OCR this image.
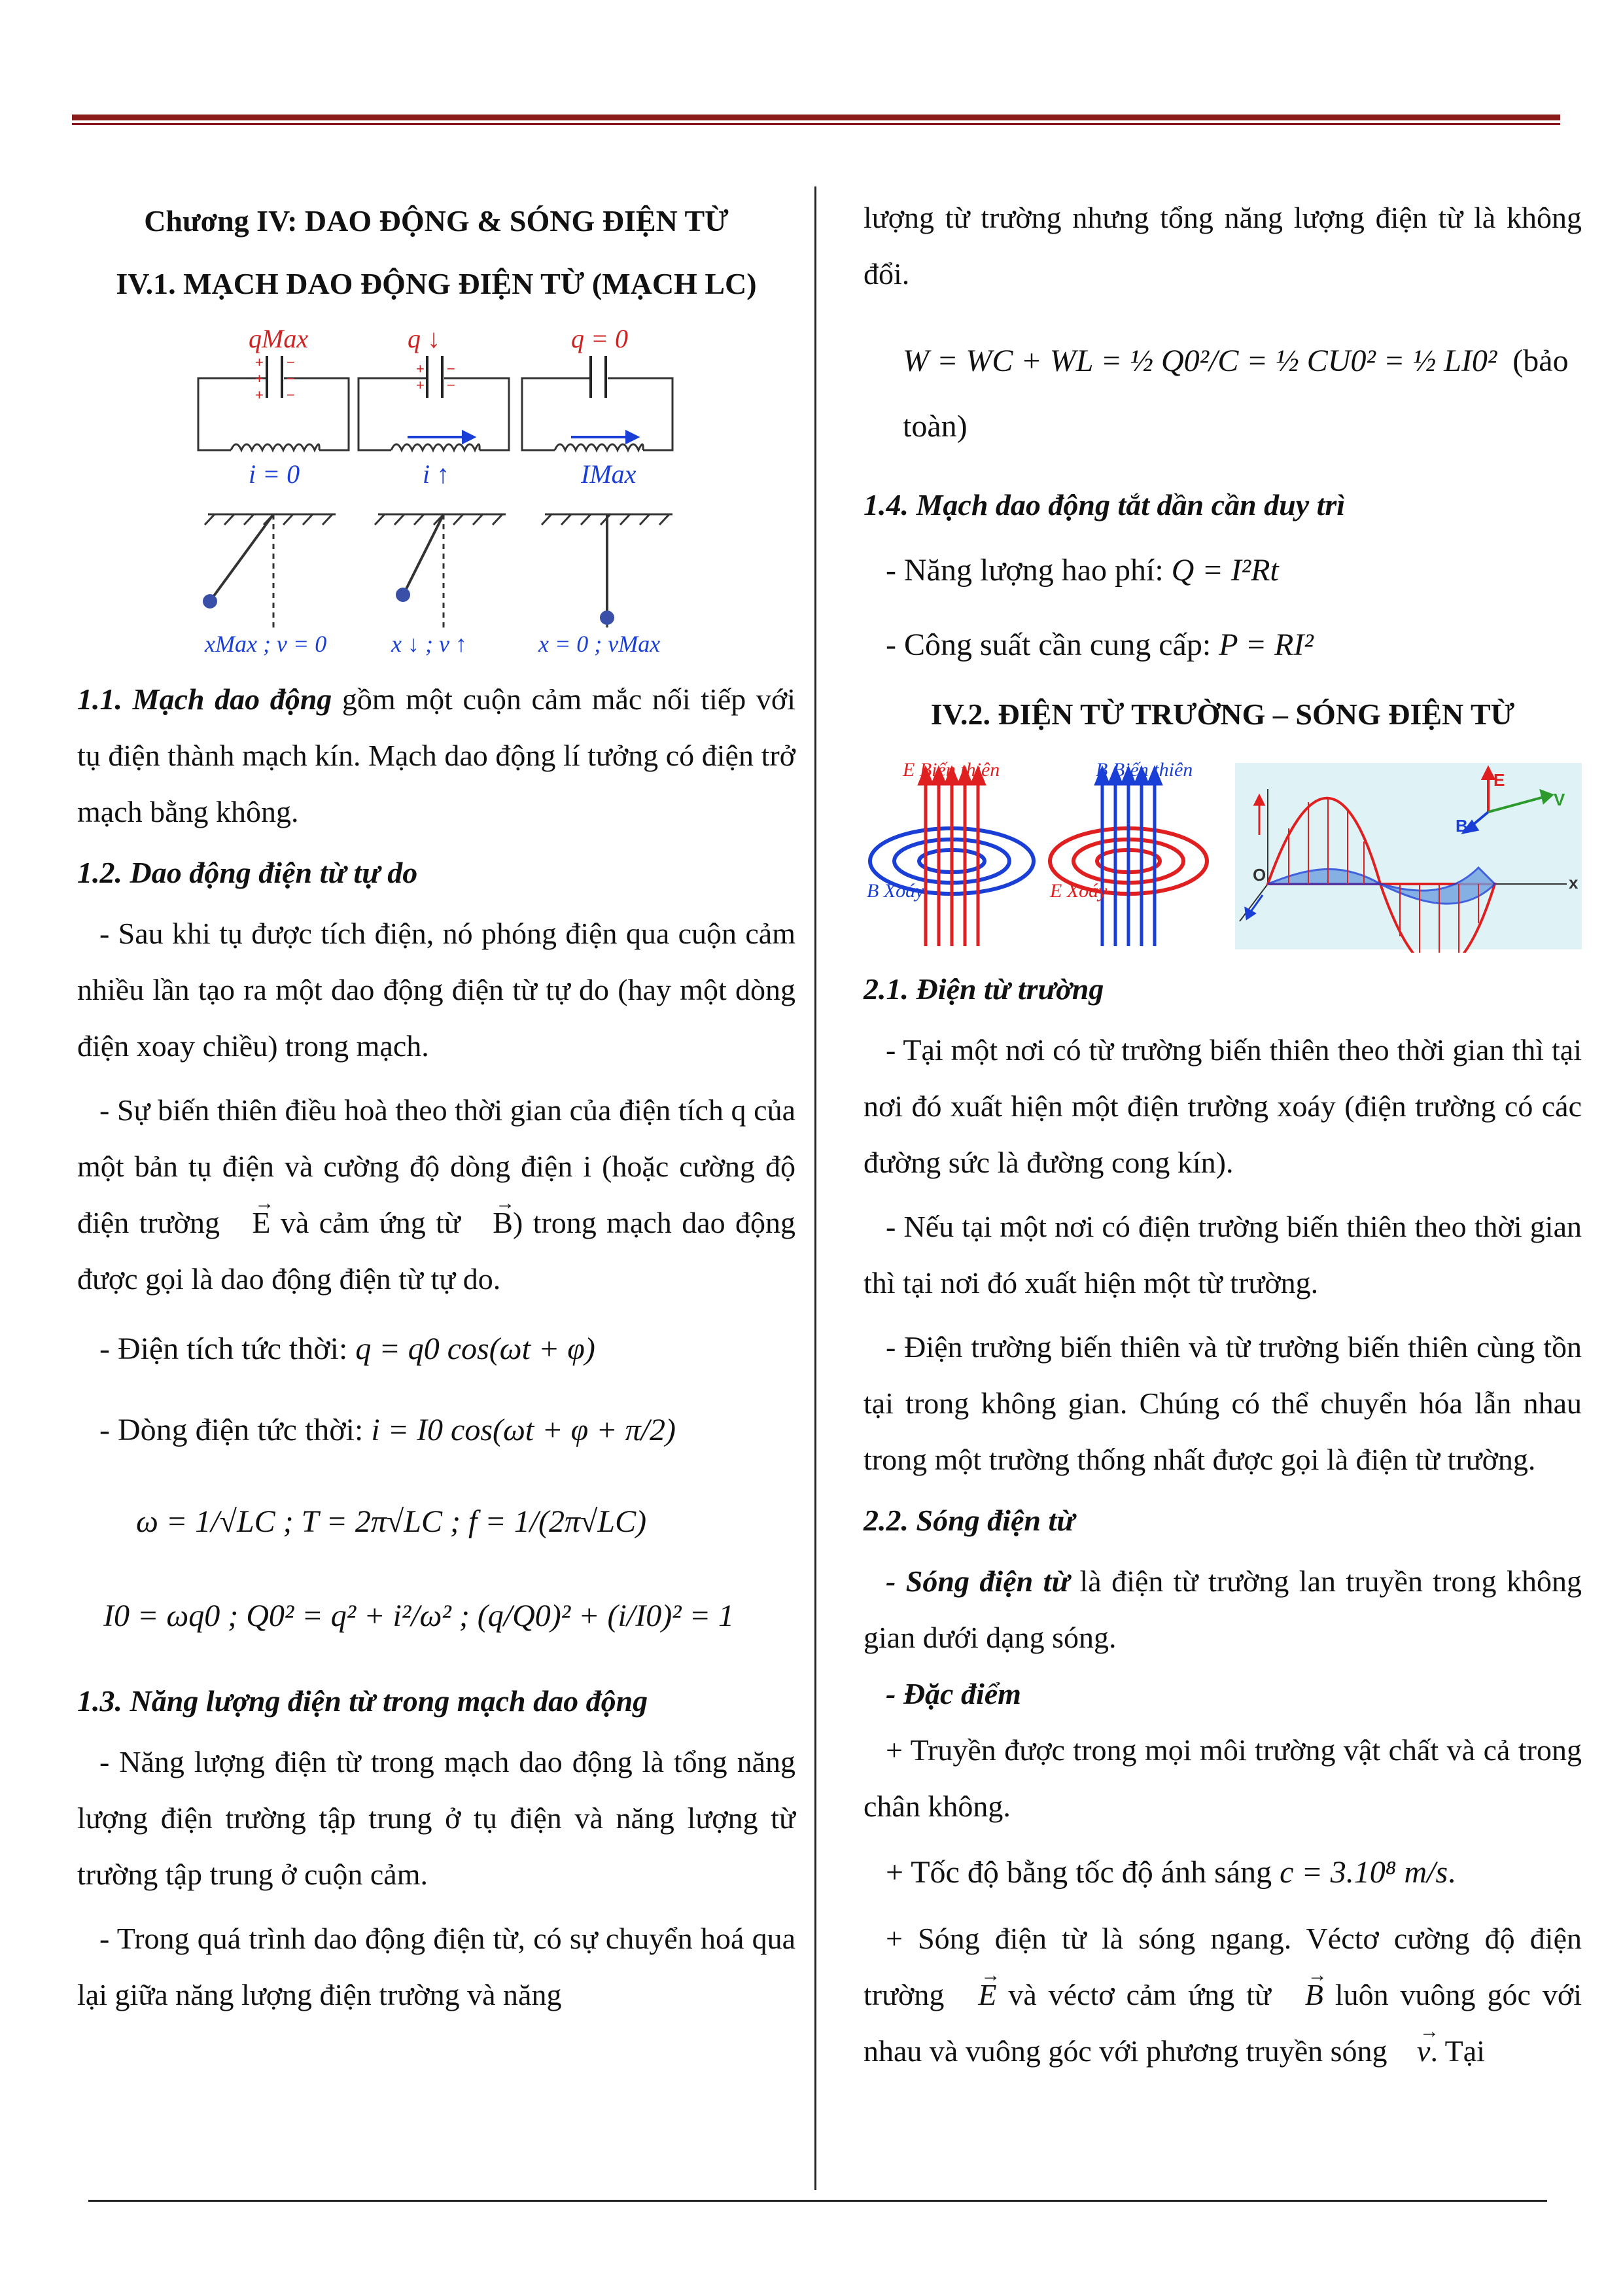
Chương IV: DAO ĐỘNG & SÓNG ĐIỆN TỪ
IV.1. MẠCH DAO ĐỘNG ĐIỆN TỪ (MẠCH LC)
+
+
+
−
−
−
+
+
−
−
qMax	q ↓	q = 0
i = 0	i ↑	IMax
xMax ; v = 0	x ↓ ; v ↑	x = 0 ; vMax

1.1. Mạch dao động gồm một cuộn cảm mắc nối tiếp với tụ điện thành mạch kín. Mạch dao động lí tưởng có điện trở mạch bằng không.

1.2. Dao động điện từ tự do

- Sau khi tụ được tích điện, nó phóng điện qua cuộn cảm nhiều lần tạo ra một dao động điện từ tự do (hay một dòng điện xoay chiều) trong mạch.

- Sự biến thiên điều hoà theo thời gian của điện tích q của một bản tụ điện và cường độ dòng điện i (hoặc cường độ điện trường → E và cảm ứng từ → B) trong mạch dao động được gọi là dao động điện từ tự do.

- Điện tích tức thời: q = q0 cos(ωt + φ)

- Dòng điện tức thời: i = I0 cos(ωt + φ + π/2)

ω = 1/√LC ; T = 2π√LC ; f = 1/(2π√LC)

I0 = ωq0 ; Q0² = q² + i²/ω² ; (q/Q0)² + (i/I0)² = 1

1.3. Năng lượng điện từ trong mạch dao động

- Năng lượng điện từ trong mạch dao động là tổng năng lượng điện trường tập trung ở tụ điện và năng lượng từ trường tập trung ở cuộn cảm.

- Trong quá trình dao động điện từ, có sự chuyển hoá qua lại giữa năng lượng điện trường và năng

lượng từ trường nhưng tổng năng lượng điện từ là không đổi.

W = WC + WL = ½ Q0²/C = ½ CU0² = ½ LI0² (bảo toàn)

1.4. Mạch dao động tắt dần cần duy trì

- Năng lượng hao phí: Q = I²Rt

- Công suất cần cung cấp: P = RI²

IV.2. ĐIỆN TỪ TRƯỜNG – SÓNG ĐIỆN TỪ
E Biến thiên
B Xoáy
B Biến thiên
E Xoáy
E
B
V
O	x

2.1. Điện từ trường

- Tại một nơi có từ trường biến thiên theo thời gian thì tại nơi đó xuất hiện một điện trường xoáy (điện trường có các đường sức là đường cong kín).

- Nếu tại một nơi có điện trường biến thiên theo thời gian thì tại nơi đó xuất hiện một từ trường.

- Điện trường biến thiên và từ trường biến thiên cùng tồn tại trong không gian. Chúng có thể chuyển hóa lẫn nhau trong một trường thống nhất được gọi là điện từ trường.

2.2. Sóng điện từ

- Sóng điện từ là điện từ trường lan truyền trong không gian dưới dạng sóng.

- Đặc điểm

+ Truyền được trong mọi môi trường vật chất và cả trong chân không.

+ Tốc độ bằng tốc độ ánh sáng c = 3.10⁸ m/s.

+ Sóng điện từ là sóng ngang. Véctơ cường độ điện trường → E và véctơ cảm ứng từ → B luôn vuông góc với nhau và vuông góc với phương truyền sóng → v. Tại
